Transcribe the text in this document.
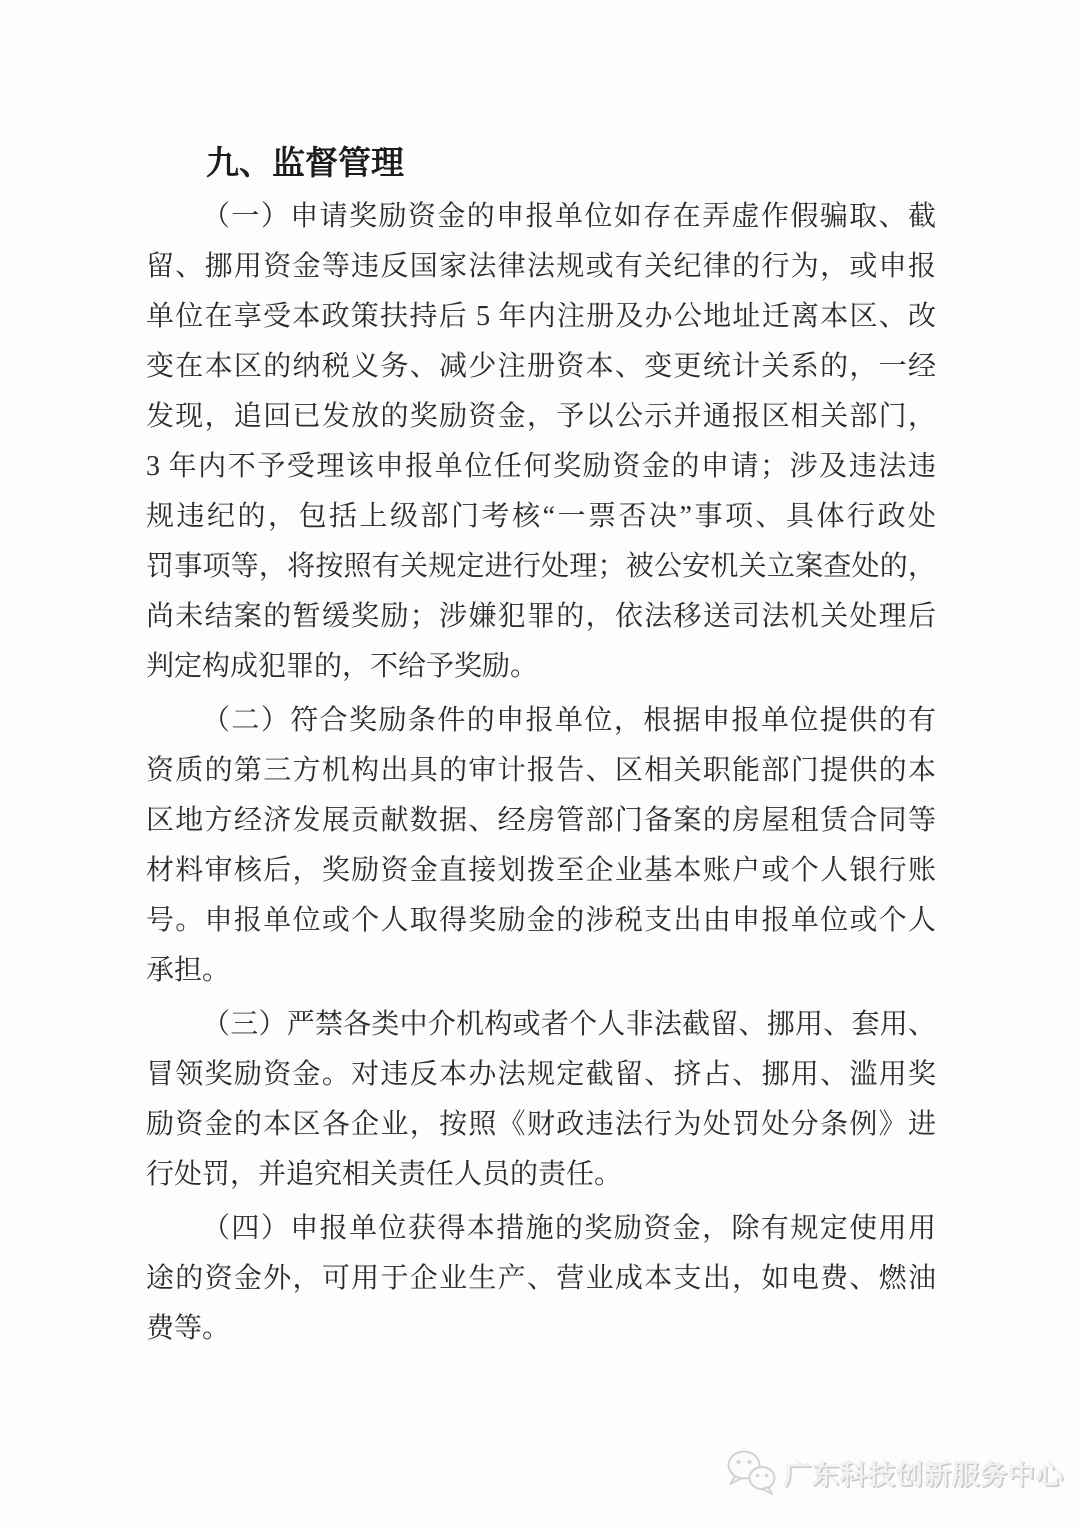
九、监督管理
（一）申请奖励资金的申报单位如存在弄虚作假骗取、截
留、挪用资金等违反国家法律法规或有关纪律的行为，或申报
单位在享受本政策扶持后 5 年内注册及办公地址迁离本区、改
变在本区的纳税义务、减少注册资本、变更统计关系的，一经
发现，追回已发放的奖励资金，予以公示并通报区相关部门，
3 年内不予受理该申报单位任何奖励资金的申请；涉及违法违
规违纪的，包括上级部门考核“一票否决”事项、具体行政处
罚事项等，将按照有关规定进行处理；被公安机关立案查处的，
尚未结案的暂缓奖励；涉嫌犯罪的，依法移送司法机关处理后
判定构成犯罪的，不给予奖励。
（二）符合奖励条件的申报单位，根据申报单位提供的有
资质的第三方机构出具的审计报告、区相关职能部门提供的本
区地方经济发展贡献数据、经房管部门备案的房屋租赁合同等
材料审核后，奖励资金直接划拨至企业基本账户或个人银行账
号。申报单位或个人取得奖励金的涉税支出由申报单位或个人
承担。
（三）严禁各类中介机构或者个人非法截留、挪用、套用、
冒领奖励资金。对违反本办法规定截留、挤占、挪用、滥用奖
励资金的本区各企业，按照《财政违法行为处罚处分条例》进
行处罚，并追究相关责任人员的责任。
（四）申报单位获得本措施的奖励资金，除有规定使用用
途的资金外，可用于企业生产、营业成本支出，如电费、燃油
费等。
广东科技创新服务中心
